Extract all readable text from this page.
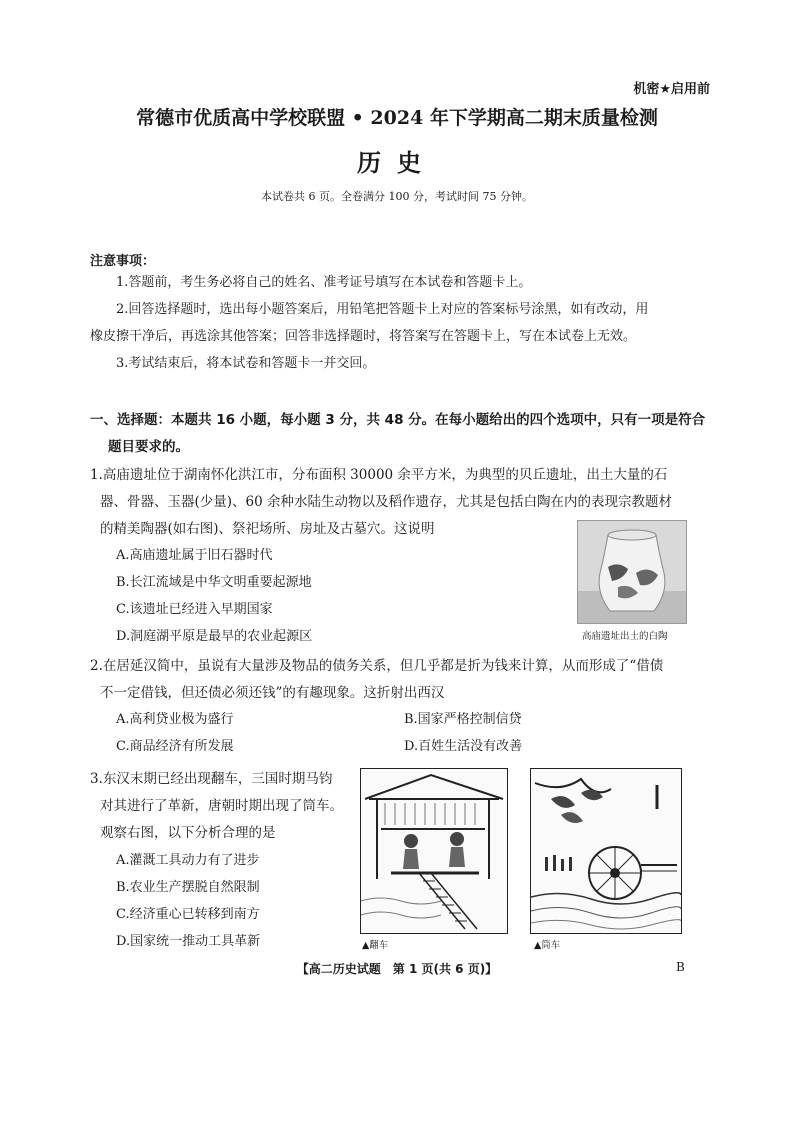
机密★启用前
常德市优质高中学校联盟 • 2024 年下学期高二期末质量检测
历史
本试卷共 6 页。全卷满分 100 分，考试时间 75 分钟。
注意事项：
1.答题前，考生务必将自己的姓名、准考证号填写在本试卷和答题卡上。
2.回答选择题时，选出每小题答案后，用铅笔把答题卡上对应的答案标号涂黑，如有改动，用
橡皮擦干净后，再选涂其他答案；回答非选择题时，将答案写在答题卡上，写在本试卷上无效。
3.考试结束后，将本试卷和答题卡一并交回。
一、选择题：本题共 16 小题，每小题 3 分，共 48 分。在每小题给出的四个选项中，只有一项是符合
题目要求的。
1.高庙遗址位于湖南怀化洪江市，分布面积 30000 余平方米，为典型的贝丘遗址，出土大量的石
器、骨器、玉器(少量)、60 余种水陆生动物以及稻作遗存，尤其是包括白陶在内的表现宗教题材
的精美陶器(如右图)、祭祀场所、房址及古墓穴。这说明
A.高庙遗址属于旧石器时代
B.长江流域是中华文明重要起源地
C.该遗址已经进入早期国家
D.洞庭湖平原是最早的农业起源区	高庙遗址出土的白陶
2.在居延汉简中，虽说有大量涉及物品的债务关系，但几乎都是折为钱来计算，从而形成了“借债
不一定借钱，但还债必须还钱”的有趣现象。这折射出西汉
A.高利贷业极为盛行	B.国家严格控制信贷
C.商品经济有所发展	D.百姓生活没有改善
3.东汉末期已经出现翻车，三国时期马钧
对其进行了革新，唐朝时期出现了筒车。
观察右图，以下分析合理的是
A.灌溉工具动力有了进步
B.农业生产摆脱自然限制
C.经济重心已转移到南方
D.国家统一推动工具革新	▲翻车	▲筒车
【高二历史试题　第 1 页(共 6 页)】	B
